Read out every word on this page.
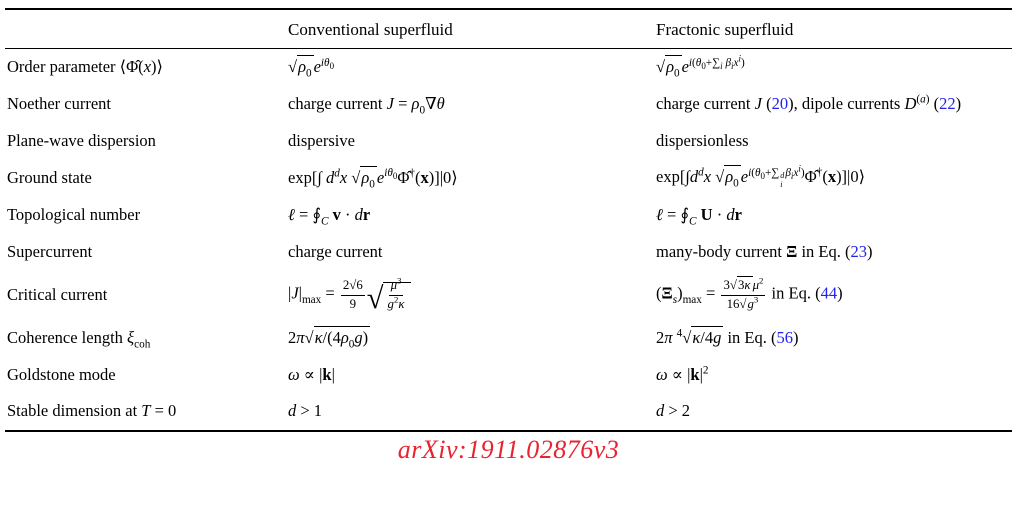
	Conventional superfluid	Fractonic superfluid
Order parameter ⟨Φ̂(x)⟩	$√\rho_0$ $e^{i\theta_0}$	$√\rho_0$ $e^{i(\theta_0+\sum_i \beta_ix^i)}$
Noether current	charge current $J = \rho_0\nabla\theta$	charge current J (20), dipole currents $D^{(a)}$ (22)
Plane-wave dispersion	dispersive	dispersionless
Ground state	exp[∫ $d^dx$ $√\rho_0$ $e^{i\theta_0}\Phî^\dagger(x)]|0⟩$	$\exp[\int d^dx$ $√\rho_0$ $e^{i(\theta_0+\sum d i \beta_ix^i)}\Phî^\dagger(x)]|0⟩$
Topological number	ℓ = $∮_C$ v · dr	ℓ = $∮_C$ U · dr
Supercurrent	charge current	many-body current Ξ in Eq. (23)
Critical current	$|J|_{max} = \frac{2√6}{9}$ √ $\frac{\mu^3}{g^2\kappa}$	$(\Xi_s)_{max} = \frac{3√3\kappa \mu^2}{16√g^3}$ in Eq. (44)
Coherence length $\xi_{coh}$	$2\pi√\kappa/(4\rho_0g)$	2π $^4$√κ/4g in Eq. (56)
Goldstone mode	ω ∝ |k|	$\omega \propto |k|^2$
Stable dimension at T = 0	d > 1	d > 2
arXiv:1911.02876v3
